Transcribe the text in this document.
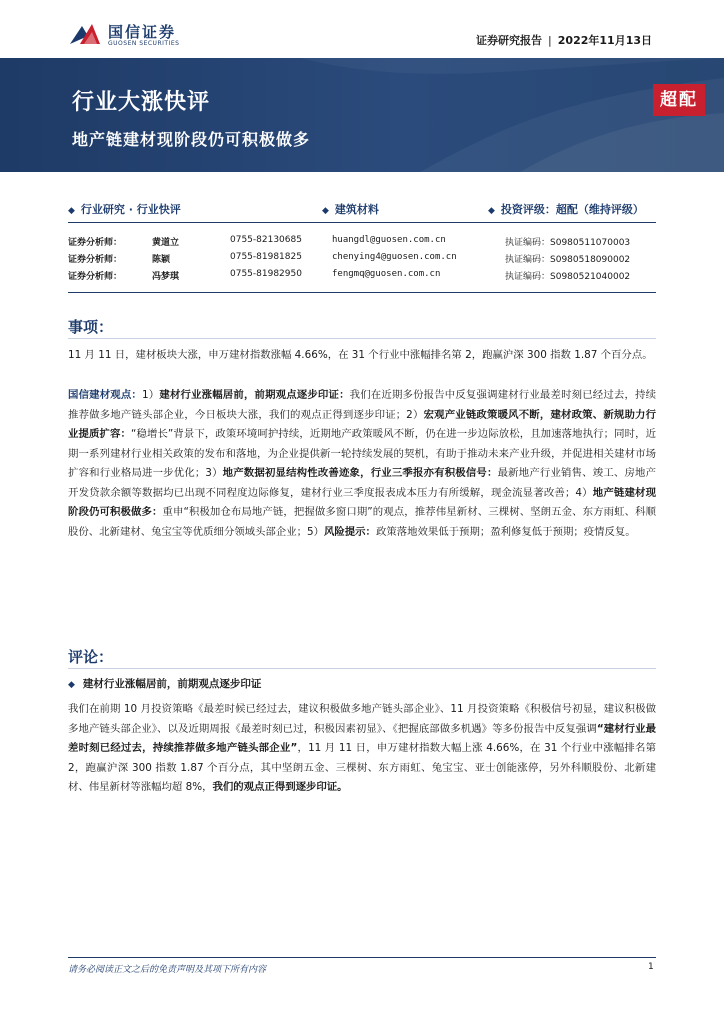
国信证券
GUOSEN SECURITIES	证券研究报告 | 2022年11月13日
行业大涨快评
地产链建材现阶段仍可积极做多
超配
◆ 行业研究 · 行业快评	◆ 建筑材料	◆ 投资评级：超配（维持评级）
证券分析师：	黄道立	0755-82130685	huangdl@guosen.com.cn	执证编码：S0980511070003
证券分析师：	陈颖	0755-81981825	chenying4@guosen.com.cn	执证编码：S0980518090002
证券分析师：	冯梦琪	0755-81982950	fengmq@guosen.com.cn	执证编码：S0980521040002
事项：
11 月 11 日，建材板块大涨，申万建材指数涨幅 4.66%，在 31 个行业中涨幅排名第 2，跑赢沪深 300 指数 1.87 个百分点。
国信建材观点：1）建材行业涨幅居前，前期观点逐步印证：我们在近期多份报告中反复强调建材行业最差时刻已经过去，持续推荐做多地产链头部企业，今日板块大涨，我们的观点正得到逐步印证；2）宏观产业链政策暖风不断，建材政策、新规助力行业提质扩容：“稳增长”背景下，政策环境呵护持续，近期地产政策暖风不断，仍在进一步边际放松，且加速落地执行；同时，近期一系列建材行业相关政策的发布和落地，为企业提供新一轮持续发展的契机，有助于推动未来产业升级，并促进相关建材市场扩容和行业格局进一步优化；3）地产数据初显结构性改善迹象，行业三季报亦有积极信号：最新地产行业销售、竣工、房地产开发贷款余额等数据均已出现不同程度边际修复，建材行业三季度报表成本压力有所缓解，现金流显著改善；4）地产链建材现阶段仍可积极做多：重申“积极加仓布局地产链，把握做多窗口期”的观点，推荐伟星新材、三棵树、坚朗五金、东方雨虹、科顺股份、北新建材、兔宝宝等优质细分领域头部企业；5）风险提示：政策落地效果低于预期；盈利修复低于预期；疫情反复。
评论：
◆ 建材行业涨幅居前，前期观点逐步印证
我们在前期 10 月投资策略《最差时候已经过去，建议积极做多地产链头部企业》、11 月投资策略《积极信号初显，建议积极做多地产链头部企业》、以及近期周报《最差时刻已过，积极因素初显》、《把握底部做多机遇》等多份报告中反复强调“建材行业最差时刻已经过去，持续推荐做多地产链头部企业”，11 月 11 日，申万建材指数大幅上涨 4.66%，在 31 个行业中涨幅排名第 2，跑赢沪深 300 指数 1.87 个百分点，其中坚朗五金、三棵树、东方雨虹、兔宝宝、亚士创能涨停，另外科顺股份、北新建材、伟星新材等涨幅均超 8%，我们的观点正得到逐步印证。
请务必阅读正文之后的免责声明及其项下所有内容	1
